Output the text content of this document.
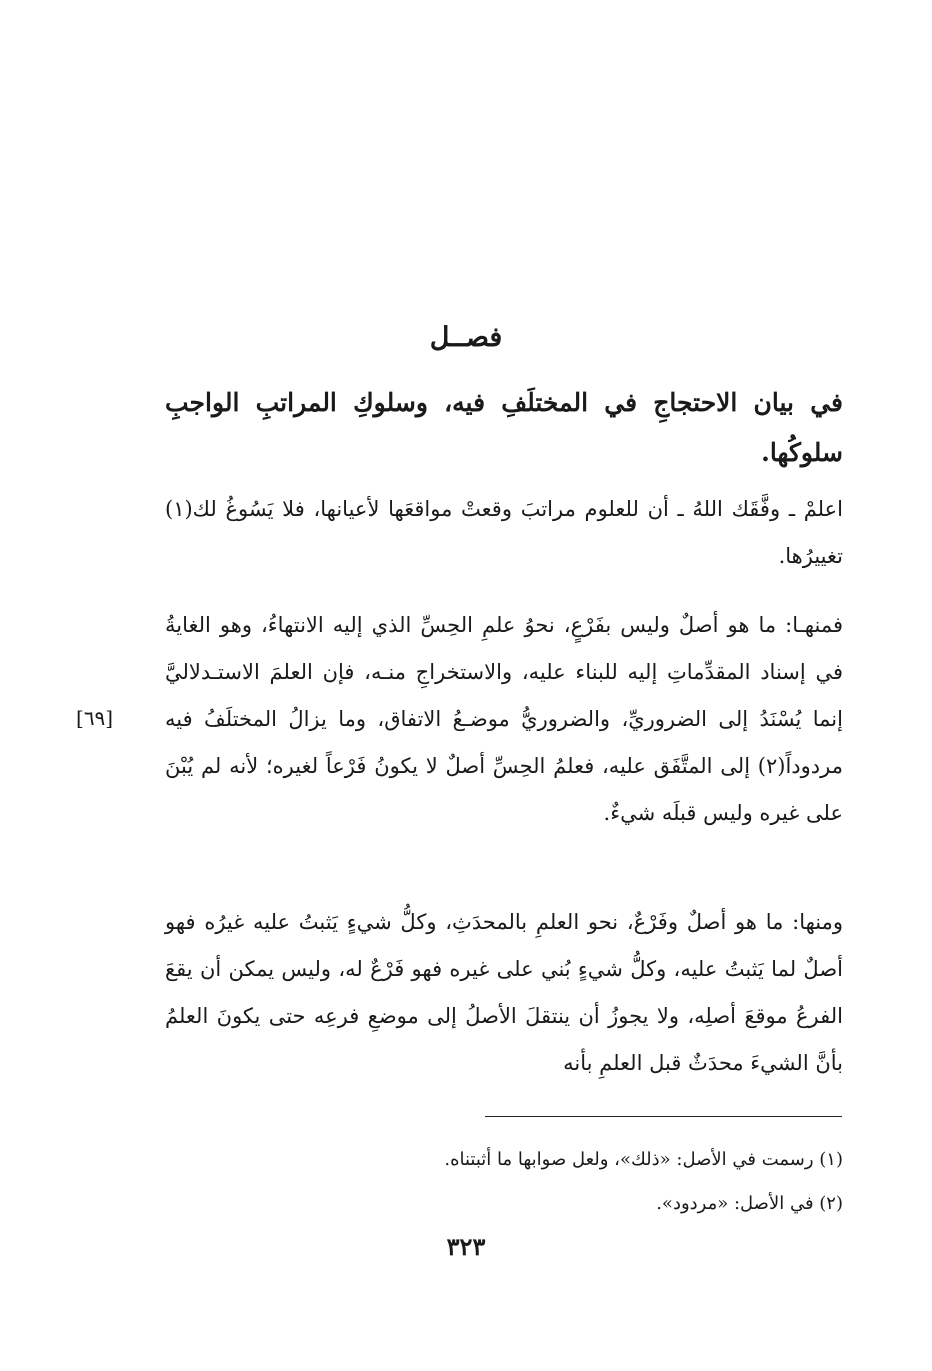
فصــل
في بيان الاحتجاجِ في المختلَفِ فيه، وسلوكِ المراتبِ الواجبِ سلوكُها.
اعلمْ ـ وفَّقَك اللهُ ـ أن للعلوم مراتبَ وقعتْ مواقعَها لأعيانها، فلا يَسُوغُ لك(١) تغييرُها.
فمنهـا: ما هو أصلٌ وليس بفَرْعٍ، نحوُ علمِ الحِسِّ الذي إليه الانتهاءُ، وهو الغايةُ في إسناد المقدِّماتِ إليه للبناء عليه، والاستخراجِ منـه، فإن العلمَ الاستـدلاليَّ إنما يُسْنَدُ إلى الضروريِّ، والضروريُّ موضـعُ الاتفاق، وما يزالُ المختلَفُ فيه مردوداً(٢) إلى المتَّفَق عليه، فعلمُ الحِسِّ أصلٌ لا يكونُ فَرْعاً لغيره؛ لأنه لم يُبْنَ على غيره وليس قبلَه شيءٌ.
[٦٩]
ومنها: ما هو أصلٌ وفَرْعٌ، نحو العلمِ بالمحدَثِ، وكلُّ شيءٍ يَثبتُ عليه غيرُه فهو أصلٌ لما يَثبتُ عليه، وكلُّ شيءٍ بُني على غيره فهو فَرْعٌ له، وليس يمكن أن يقعَ الفرعُ موقعَ أصلِه، ولا يجوزُ أن ينتقلَ الأصلُ إلى موضعِ فرعِه حتى يكونَ العلمُ بأنَّ الشيءَ محدَثٌ قبل العلمِ بأنه
(١) رسمت في الأصل: «ذلك»، ولعل صوابها ما أثبتناه.
(٢) في الأصل: «مردود».
٣٢٣
